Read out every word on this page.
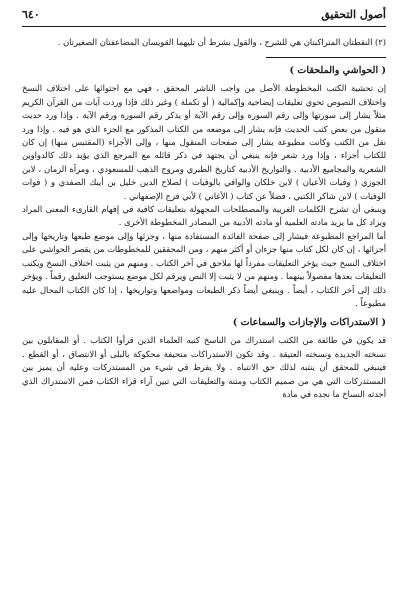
أصول التحقيق
٦٤٠

(٢) النقطتان المتراكبتان هي للشرح ، والقول بشرط أن تليهما القويسان المضاعفتان الصغيرتان .

( الحواشي والملحقات )

إن تحشية الكتب المخطوطة الأصل من واجب الناشر المحقق ، فهي مع احتوائها على اختلاف النسخ واختلاف النصوص تحوي تعليقات إيضاحية وإكمالية ( أو تكملة ) وغير ذلك فإذا وردت آيات من القرآن الكريم مثلاً يشار إلى سورتها وإلى رقم السورة وإلى رقم الآية أو يذكر رقم السورة ورقم الآية . وإذا ورد حديث منقول من بعض كتب الحديث فإنه يشار إلى موضعه من الكتاب المذكور مع الجزء الذي هو فيه . وإذا ورد نقل من الكتب وكانت مطبوعة يشار إلى صفحات المنقول منها ، وإلى الأجزاء (المقتبس منها) إن كان للكتاب أجزاء ، وإذا ورد شعر فإنه ينبغي أن يجتهد في ذكر قائله مع المرجع الذي يؤيد ذلك كالدواوين الشعرية والمجاميع الأدبية . والتواريخ الأدبية كتاريخ الطبري ومروج الذهب للمسعودي ، ومرآة الزمان ، لابن الجوزي ( وفيات الأعيان ) لابن خلكان والوافي بالوفيات ) لصلاح الدين خليل بن أيبك الصفدي و ( فوات الوفيات ) لابن شاكر الكتبي ، فضلاً عن كتاب ( الأغاني ) لأبي فرج الإصفهاني .

وينبغي أن تشرح الكلمات الغريبة والمصطلحات المجهولة بتعليقات كافية في إفهام القارىء المعنى المراد ويزاد كل ما يزيد مادته العلمية أو مادته الأدبية من المصادر المخطوطة الأخرى .

أما المراجع المطبوعة فيشار إلى صفحة الفائدة المستفادة منها ، وجزئها وإلى موضع طبعها وتاريخها وإلى أجزائها ، إن كان لكل كتاب منها جزءان أو أكثر منهم ، ومن المحققين للمخطوطات من يقصر الحواشي على اختلاف النسخ حيث يؤخر التعليقات مفرداً لها ملاحق في آخر الكتاب . ومنهم من يثبت اختلاف النسخ ويكتب التعليقات بعدها مفصولاً بينهما . ومنهم من لا يثبت إلا النص ويرقم لكل موضع يستوجب التعليق رقماً . ويؤخر ذلك إلى آخر الكتاب ، أيضاً . وينبغي أيضاً ذكر الطبعات ومواضعها وتواريخها ، إذا كان الكتاب المحال عليه مطبوعاً .

( الاستدراكات والإجازات والسماعات )

قد يكون في طائفة من الكتب استدراك من الناسخ كتبه العلماء الذين قرأوا الكتاب . أو المقابلون بين نسخته الجديدة ونسخته العتيقة . وقد تكون الاستدراكات متحيفة محكوكة بالبلى أو الانتصاق ، أو القطع . فينبغي للمحقق أن ينتبه لذلك حق الانتباه . ولا يفرط في شيء من المستدركات وعليه أن يميز بين المستدركات التي هي من صميم الكتاب ومتنه والتعليقات التي تبين آراء قراء الكتاب فمن الاستدراك الذي أحدثه النساخ ما نجده في مادة
